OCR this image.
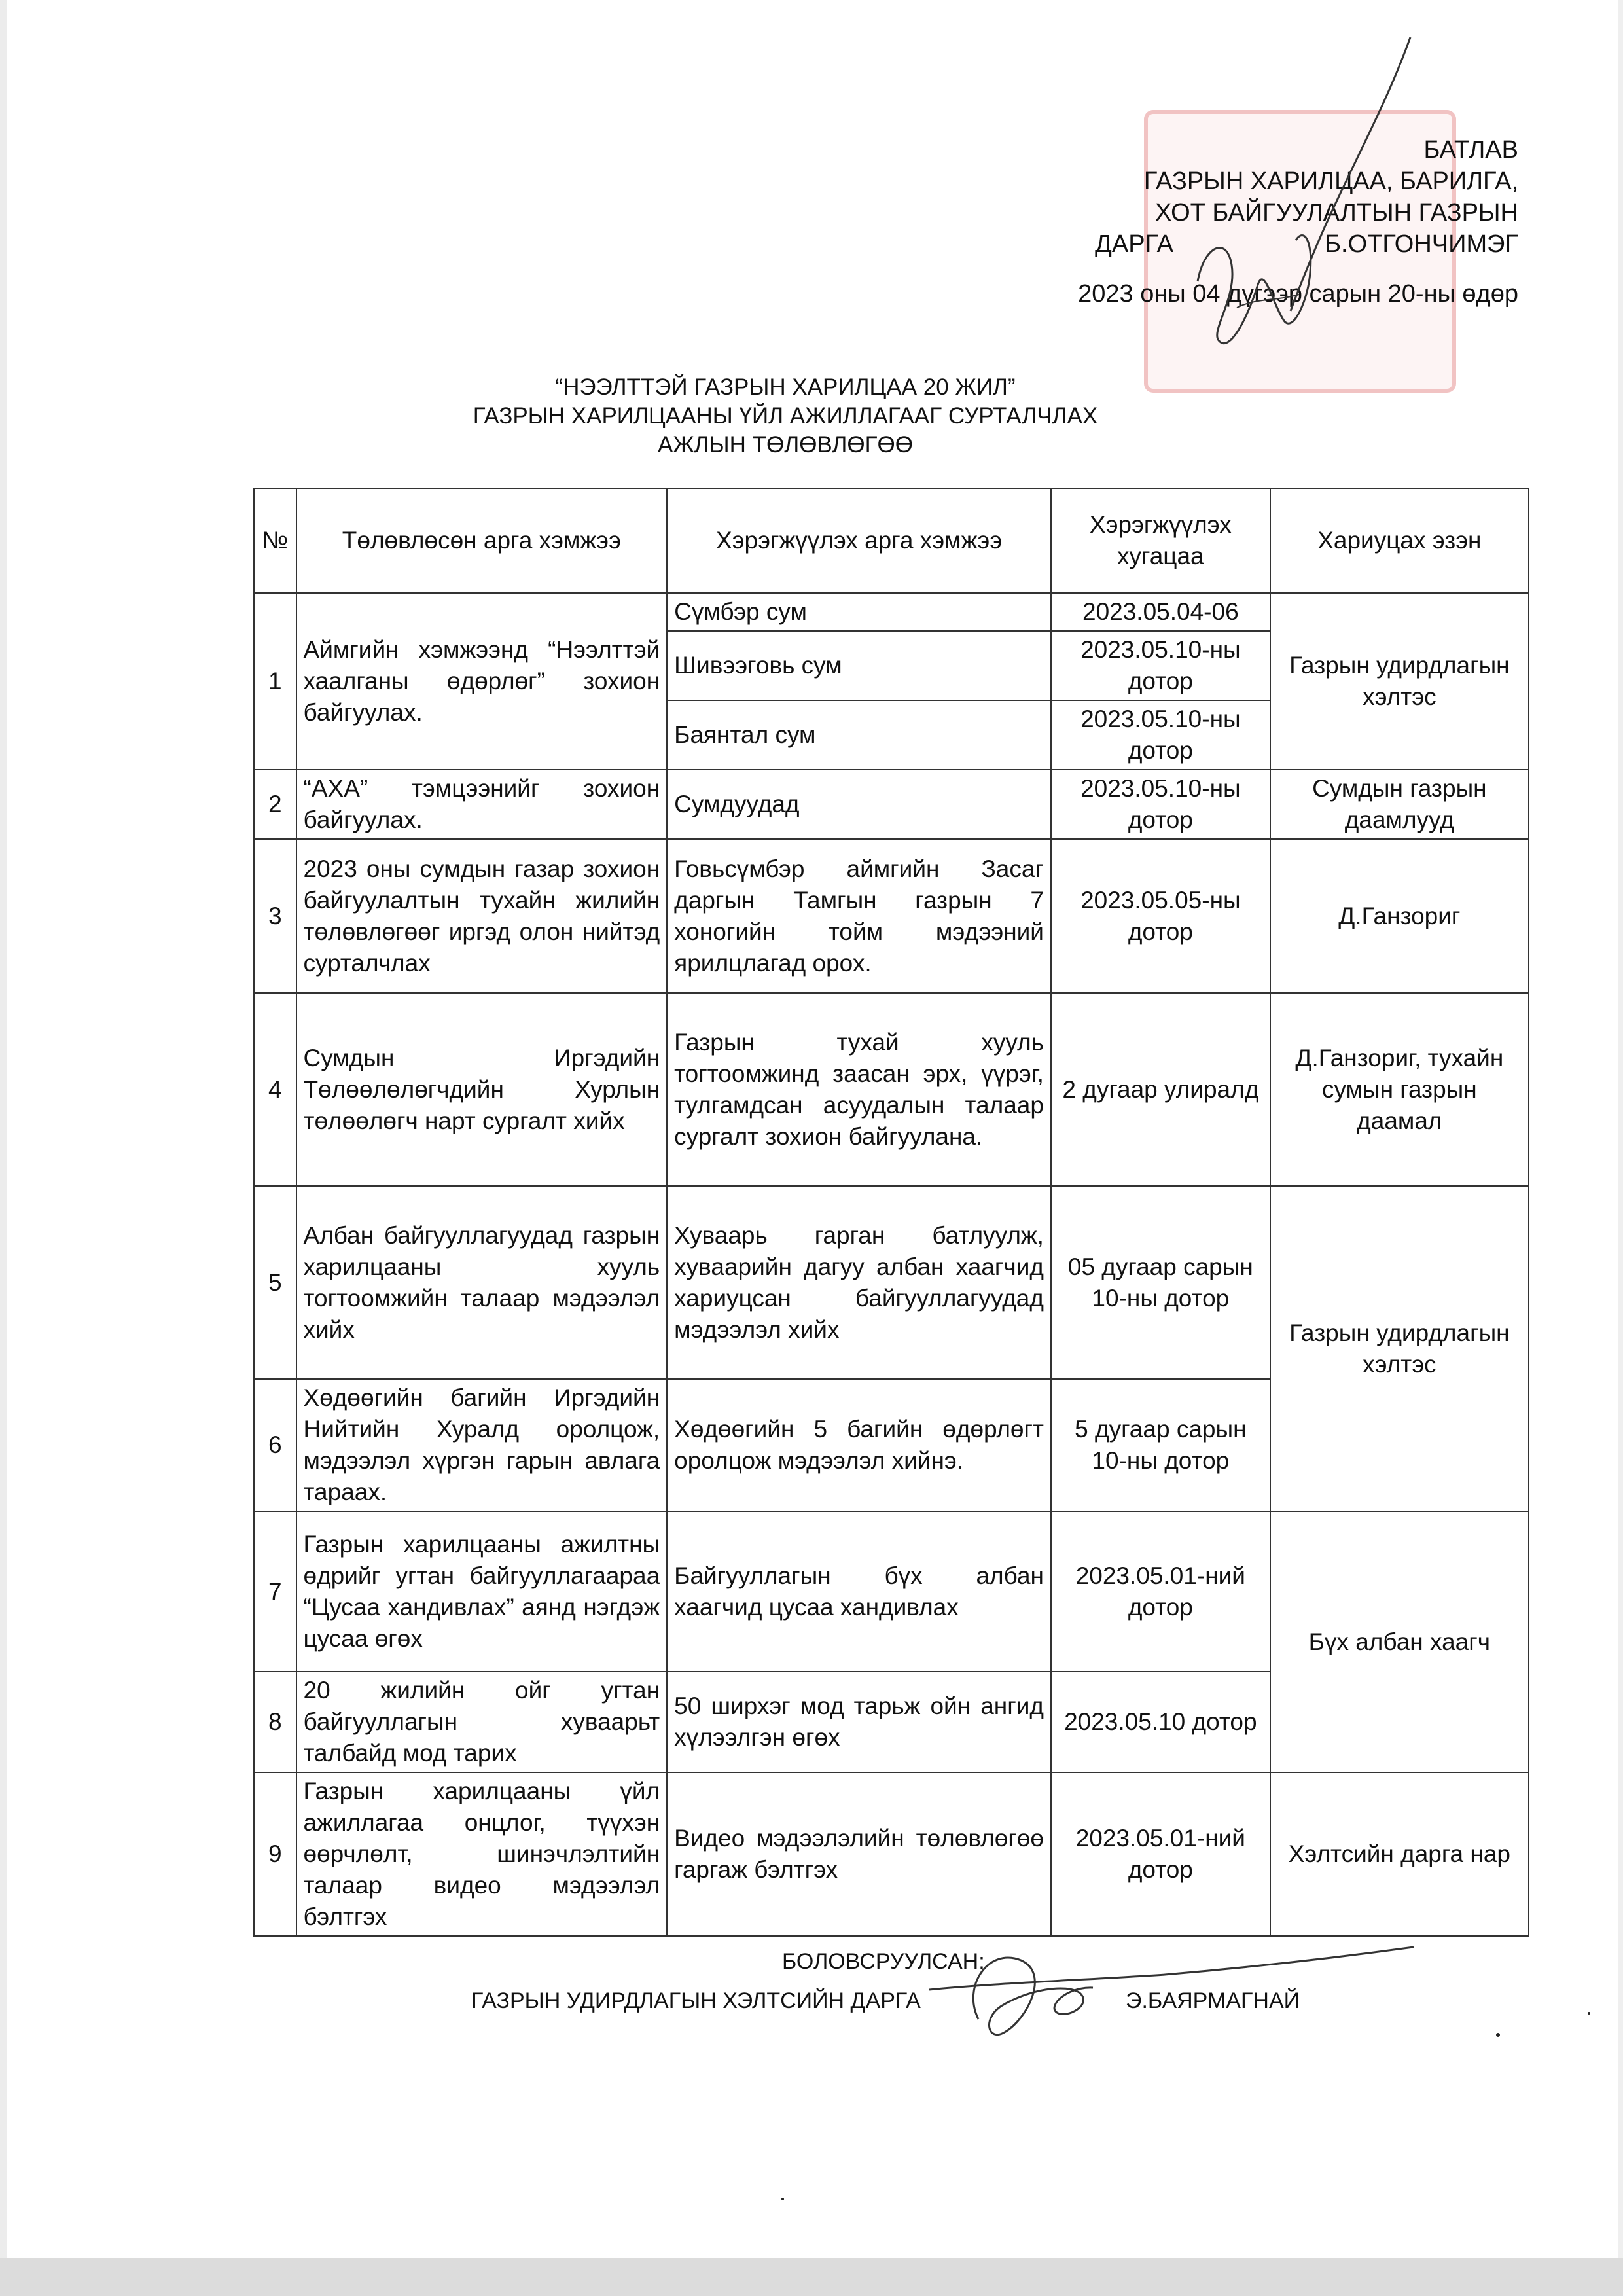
БАТЛАВ
ГАЗРЫН ХАРИЛЦАА, БАРИЛГА,
ХОТ БАЙГУУЛАЛТЫН ГАЗРЫН
ДАРГА	Б.ОТГОНЧИМЭГ
2023 оны 04 дүгээр сарын 20-ны өдөр
“НЭЭЛТТЭЙ ГАЗРЫН ХАРИЛЦАА 20 ЖИЛ”
ГАЗРЫН ХАРИЛЦААНЫ ҮЙЛ АЖИЛЛАГААГ СУРТАЛЧЛАХ
АЖЛЫН ТӨЛӨВЛӨГӨӨ
№	Төлөвлөсөн арга хэмжээ	Хэрэгжүүлэх арга хэмжээ	Хэрэгжүүлэх хугацаа	Хариуцах эзэн
1	Аймгийн хэмжээнд “Нээлттэй хаалганы өдөрлөг” зохион байгуулах.	Сүмбэр сум	2023.05.04-06	Газрын удирдлагын хэлтэс
		Шивээговь сум	2023.05.10-ны дотор	
		Баянтал сум	2023.05.10-ны дотор	
2	“АХА” тэмцээнийг зохион байгуулах.	Сумдуудад	2023.05.10-ны дотор	Сумдын газрын даамлууд
3	2023 оны сумдын газар зохион байгуулалтын тухайн жилийн төлөвлөгөөг иргэд олон нийтэд сурталчлах	Говьсүмбэр аймгийн Засаг даргын Тамгын газрын 7 хоногийн тойм мэдээний ярилцлагад орох.	2023.05.05-ны дотор	Д.Ганзориг
4	Сумдын Иргэдийн Төлөөлөлөгчдийн Хурлын төлөөлөгч нарт сургалт хийх	Газрын тухай хууль тогтоомжинд заасан эрх, үүрэг, тулгамдсан асуудалын талаар сургалт зохион байгуулана.	2 дугаар улиралд	Д.Ганзориг, тухайн сумын газрын даамал
5	Албан байгууллагуудад газрын харилцааны хууль тогтоомжийн талаар мэдээлэл хийх	Хуваарь гарган батлуулж, хуваарийн дагуу албан хаагчид хариуцсан байгууллагуудад мэдээлэл хийх	05 дугаар сарын 10-ны дотор	Газрын удирдлагын хэлтэс
6	Хөдөөгийн багийн Иргэдийн Нийтийн Хуралд оролцож, мэдээлэл хүргэн гарын авлага тараах.	Хөдөөгийн 5 багийн өдөрлөгт оролцож мэдээлэл хийнэ.	5 дугаар сарын 10-ны дотор	
7	Газрын харилцааны ажилтны өдрийг угтан байгууллагаараа “Цусаа хандивлах” аянд нэгдэж цусаа өгөх	Байгууллагын бүх албан хаагчид цусаа хандивлах	2023.05.01-ний дотор	Бүх албан хаагч
8	20 жилийн ойг угтан байгууллагын хуваарьт талбайд мод тарих	50 ширхэг мод тарьж ойн ангид хүлээлгэн өгөх	2023.05.10 дотор	
9	Газрын харилцааны үйл ажиллагаа онцлог, түүхэн өөрчлөлт, шинэчлэлтийн талаар видео мэдээлэл бэлтгэх	Видео мэдээлэлийн төлөвлөгөө гаргаж бэлтгэх	2023.05.01-ний дотор	Хэлтсийн дарга нар
БОЛОВСРУУЛСАН:
ГАЗРЫН УДИРДЛАГЫН ХЭЛТСИЙН ДАРГА	Э.БАЯРМАГНАЙ
